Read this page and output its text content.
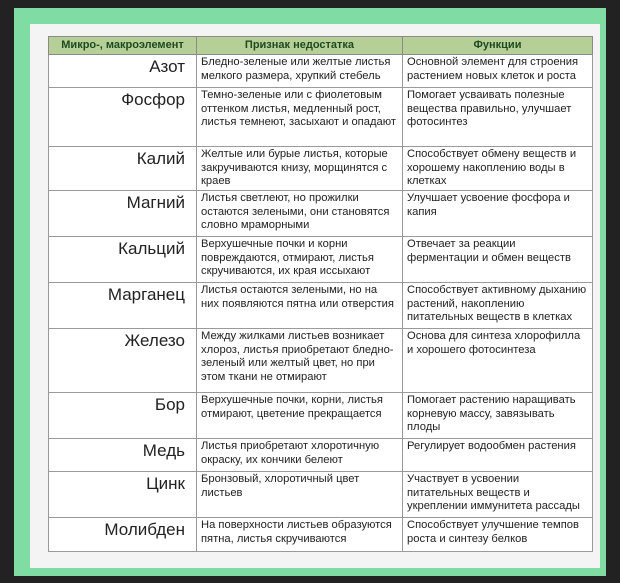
Микро-, макроэлемент	Признак недостатка	Функции
Азот	Бледно-зеленые или желтые листья мелкого размера, хрупкий стебель	Основной элемент для строения растением новых клеток и роста
Фосфор	Темно-зеленые или с фиолетовым оттенком листья, медленный рост, листья темнеют, засыхают и опадают	Помогает усваивать полезные вещества правильно, улучшает фотосинтез
Калий	Желтые или бурые листья, которые закручиваются книзу, морщинятся с краев	Способствует обмену веществ и хорошему накоплению воды в клетках
Магний	Листья светлеют, но прожилки остаются зелеными, они становятся словно мраморными	Улучшает усвоение фосфора и капия
Кальций	Верхушечные почки и корни повреждаются, отмирают, листья скручиваются, их края иссыхают	Отвечает за реакции ферментации и обмен веществ
Марганец	Листья остаются зелеными, но на них появляются пятна или отверстия	Способствует активному дыханию растений, накоплению питательных веществ в клетках
Железо	Между жилками листьев возникает хлороз, листья приобретают бледно-зеленый или желтый цвет, но при этом ткани не отмирают	Основа для синтеза хлорофилла и хорошего фотосинтеза
Бор	Верхушечные почки, корни, листья отмирают, цветение прекращается	Помогает растению наращивать корневую массу, завязывать плоды
Медь	Листья приобретают хлоротичную окраску, их кончики белеют	Регулирует водообмен растения
Цинк	Бронзовый, хлоротичный цвет листьев	Участвует в усвоении питательных веществ и укреплении иммунитета рассады
Молибден	На поверхности листьев образуются пятна, листья скручиваются	Способствует улучшение темпов роста и синтезу белков
